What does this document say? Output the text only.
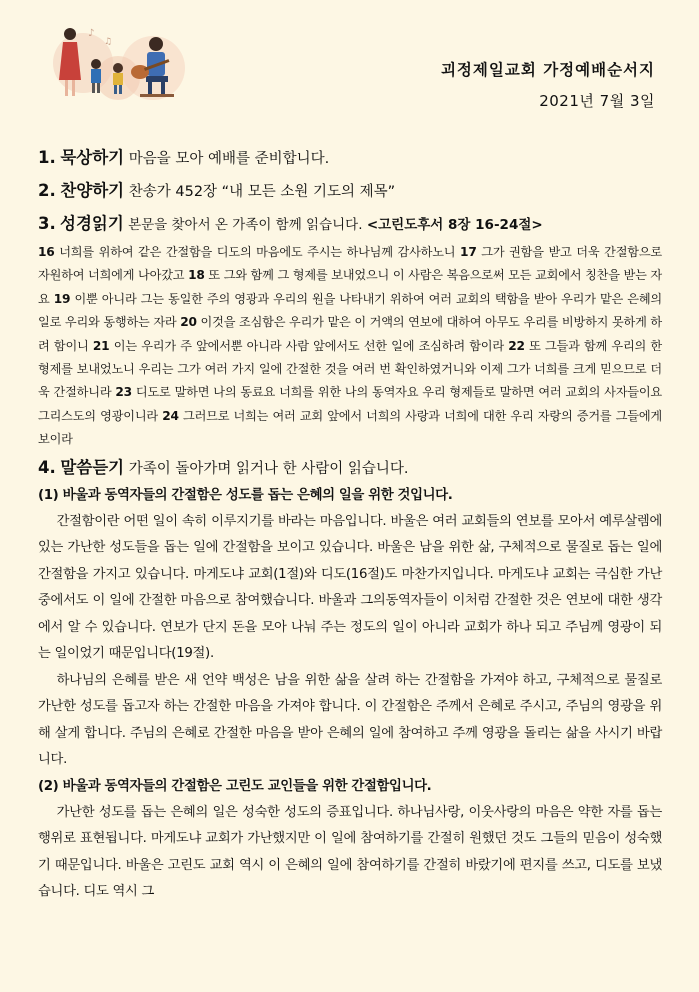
♪
♫
괴정제일교회 가정예배순서지
2021년 7월 3일

1. 묵상하기 마음을 모아 예배를 준비합니다.

2. 찬양하기 찬송가 452장 “내 모든 소원 기도의 제목”

3. 성경읽기 본문을 찾아서 온 가족이 함께 읽습니다. <고린도후서 8장 16-24절>

16 너희를 위하여 같은 간절함을 디도의 마음에도 주시는 하나님께 감사하노니 17 그가 권함을 받고 더욱 간절함으로 자원하여 너희에게 나아갔고 18 또 그와 함께 그 형제를 보내었으니 이 사람은 복음으로써 모든 교회에서 칭찬을 받는 자요 19 이뿐 아니라 그는 동일한 주의 영광과 우리의 원을 나타내기 위하여 여러 교회의 택함을 받아 우리가 맡은 은혜의 일로 우리와 동행하는 자라 20 이것을 조심함은 우리가 맡은 이 거액의 연보에 대하여 아무도 우리를 비방하지 못하게 하려 함이니 21 이는 우리가 주 앞에서뿐 아니라 사람 앞에서도 선한 일에 조심하려 함이라 22 또 그들과 함께 우리의 한 형제를 보내었노니 우리는 그가 여러 가지 일에 간절한 것을 여러 번 확인하였거니와 이제 그가 너희를 크게 믿으므로 더욱 간절하니라 23 디도로 말하면 나의 동료요 너희를 위한 나의 동역자요 우리 형제들로 말하면 여러 교회의 사자들이요 그리스도의 영광이니라 24 그러므로 너희는 여러 교회 앞에서 너희의 사랑과 너희에 대한 우리 자랑의 증거를 그들에게 보이라

4. 말씀듣기 가족이 돌아가며 읽거나 한 사람이 읽습니다.

(1) 바울과 동역자들의 간절함은 성도를 돕는 은혜의 일을 위한 것입니다.

간절함이란 어떤 일이 속히 이루지기를 바라는 마음입니다. 바울은 여러 교회들의 연보를 모아서 예루살렘에 있는 가난한 성도들을 돕는 일에 간절함을 보이고 있습니다. 바울은 남을 위한 삶, 구체적으로 물질로 돕는 일에 간절함을 가지고 있습니다. 마게도냐 교회(1절)와 디도(16절)도 마찬가지입니다. 마게도냐 교회는 극심한 가난 중에서도 이 일에 간절한 마음으로 참여했습니다. 바울과 그의동역자들이 이처럼 간절한 것은 연보에 대한 생각에서 알 수 있습니다. 연보가 단지 돈을 모아 나눠 주는 정도의 일이 아니라 교회가 하나 되고 주님께 영광이 되는 일이었기 때문입니다(19절).

하나님의 은혜를 받은 새 언약 백성은 남을 위한 삶을 살려 하는 간절함을 가져야 하고, 구체적으로 물질로 가난한 성도를 돕고자 하는 간절한 마음을 가져야 합니다. 이 간절함은 주께서 은혜로 주시고, 주님의 영광을 위해 살게 합니다. 주님의 은혜로 간절한 마음을 받아 은혜의 일에 참여하고 주께 영광을 돌리는 삶을 사시기 바랍니다.

(2) 바울과 동역자들의 간절함은 고린도 교인들을 위한 간절함입니다.

가난한 성도를 돕는 은혜의 일은 성숙한 성도의 증표입니다. 하나님사랑, 이웃사랑의 마음은 약한 자를 돕는 행위로 표현됩니다. 마게도냐 교회가 가난했지만 이 일에 참여하기를 간절히 원했던 것도 그들의 믿음이 성숙했기 때문입니다. 바울은 고린도 교회 역시 이 은혜의 일에 참여하기를 간절히 바랐기에 편지를 쓰고, 디도를 보냈습니다. 디도 역시 그
